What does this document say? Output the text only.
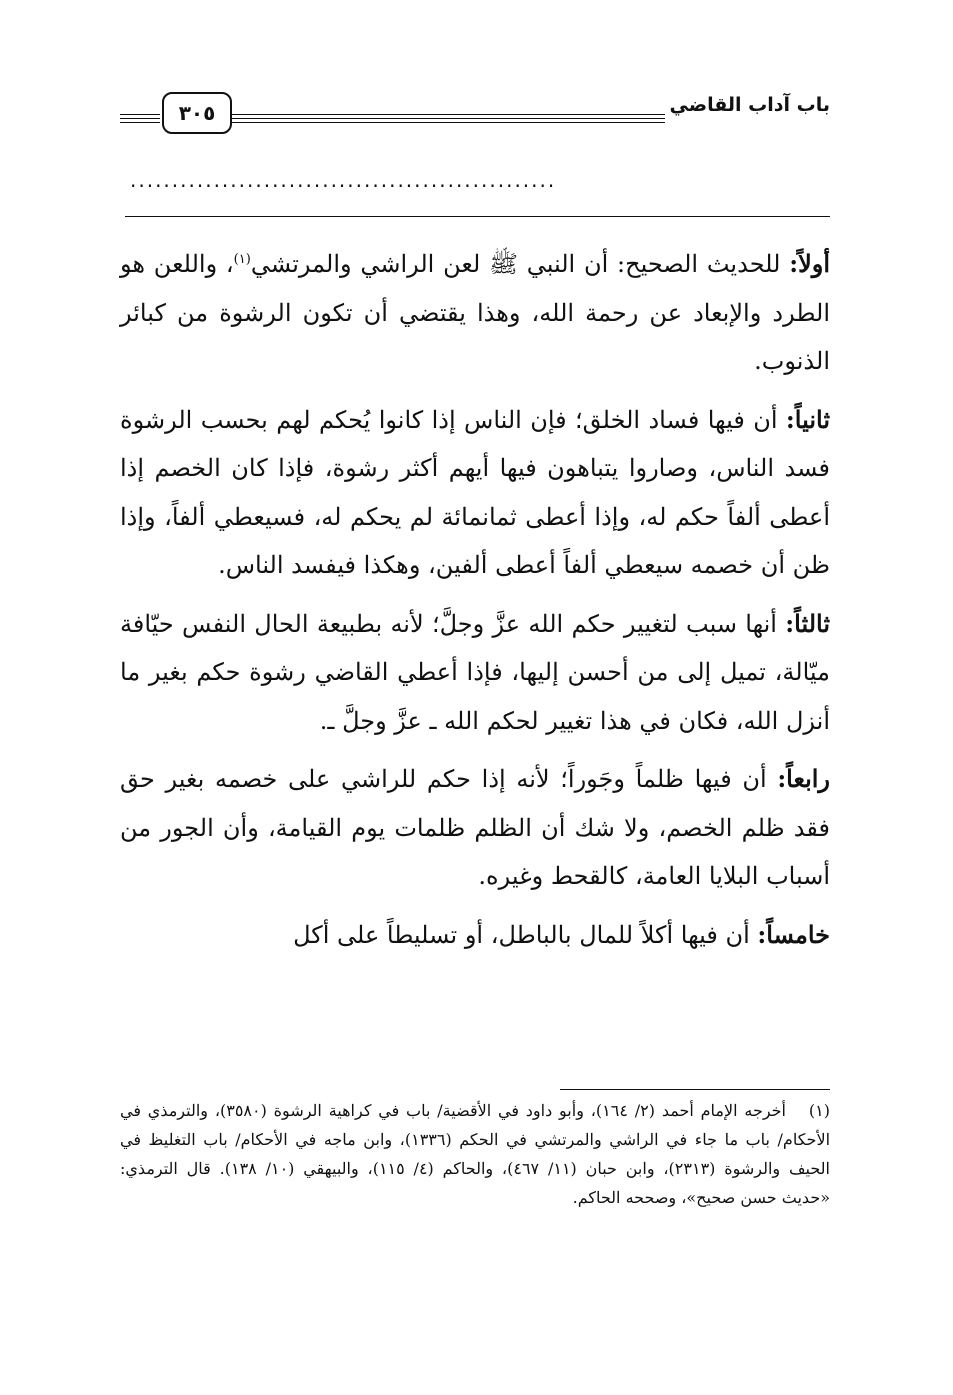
باب آداب القاضي
٣٠٥
...................................................

أولاً: للحديث الصحيح: أن النبي ﷺ لعن الراشي والمرتشي$^{(١)}$، واللعن هو الطرد والإبعاد عن رحمة الله، وهذا يقتضي أن تكون الرشوة من كبائر الذنوب.

ثانياً: أن فيها فساد الخلق؛ فإن الناس إذا كانوا يُحكم لهم بحسب الرشوة فسد الناس، وصاروا يتباهون فيها أيهم أكثر رشوة، فإذا كان الخصم إذا أعطى ألفاً حكم له، وإذا أعطى ثمانمائة لم يحكم له، فسيعطي ألفاً، وإذا ظن أن خصمه سيعطي ألفاً أعطى ألفين، وهكذا فيفسد الناس.

ثالثاً: أنها سبب لتغيير حكم الله عزَّ وجلَّ؛ لأنه بطبيعة الحال النفس حيّافة ميّالة، تميل إلى من أحسن إليها، فإذا أعطي القاضي رشوة حكم بغير ما أنزل الله، فكان في هذا تغيير لحكم الله ـ عزَّ وجلَّ ـ.

رابعاً: أن فيها ظلماً وجَوراً؛ لأنه إذا حكم للراشي على خصمه بغير حق فقد ظلم الخصم، ولا شك أن الظلم ظلمات يوم القيامة، وأن الجور من أسباب البلايا العامة، كالقحط وغيره.

خامساً: أن فيها أكلاً للمال بالباطل، أو تسليطاً على أكل

(١)أخرجه الإمام أحمد (٢/ ١٦٤)، وأبو داود في الأقضية/ باب في كراهية الرشوة (٣٥٨٠)، والترمذي في الأحكام/ باب ما جاء في الراشي والمرتشي في الحكم (١٣٣٦)، وابن ماجه في الأحكام/ باب التغليظ في الحيف والرشوة (٢٣١٣)، وابن حبان (١١/ ٤٦٧)، والحاكم (٤/ ١١٥)، والبيهقي (١٠/ ١٣٨). قال الترمذي: «حديث حسن صحيح»، وصححه الحاكم.
